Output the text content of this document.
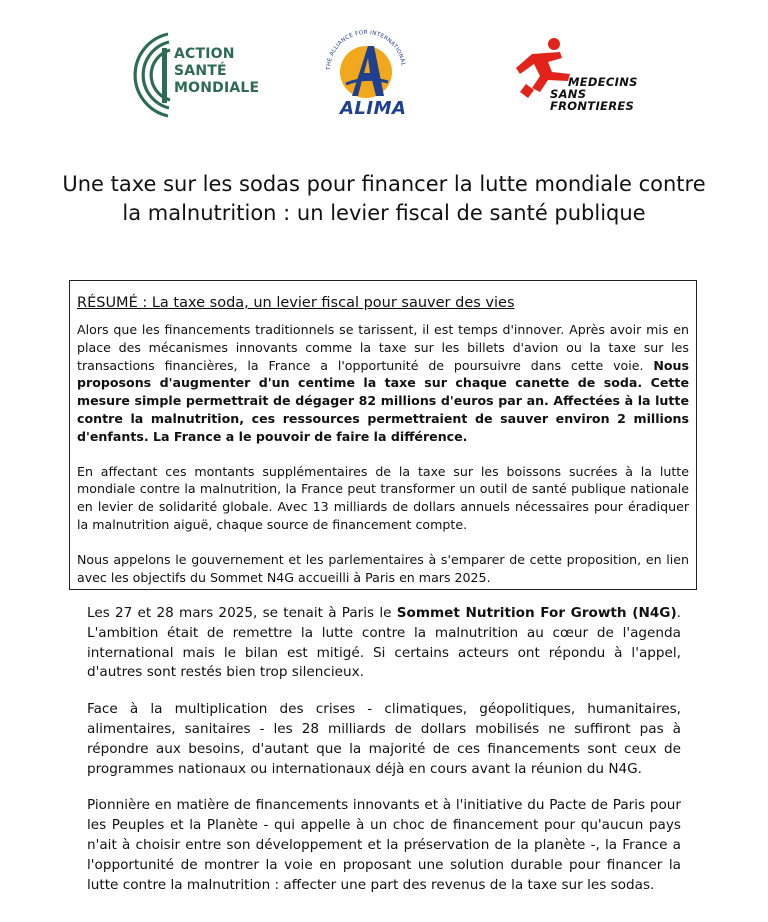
ACTION
SANTÉ
MONDIALE
THE ALLIANCE FOR INTERNATIONAL
ALIMA
MEDECINS
SANS FRONTIERES
Une taxe sur les sodas pour financer la lutte mondiale contre la malnutrition : un levier fiscal de santé publique
RÉSUMÉ : La taxe soda, un levier fiscal pour sauver des vies

Alors que les financements traditionnels se tarissent, il est temps d'innover. Après avoir mis en place des mécanismes innovants comme la taxe sur les billets d'avion ou la taxe sur les transactions financières, la France a l'opportunité de poursuivre dans cette voie. Nous proposons d'augmenter d'un centime la taxe sur chaque canette de soda. Cette mesure simple permettrait de dégager 82 millions d'euros par an. Affectées à la lutte contre la malnutrition, ces ressources permettraient de sauver environ 2 millions d'enfants. La France a le pouvoir de faire la différence.

En affectant ces montants supplémentaires de la taxe sur les boissons sucrées à la lutte mondiale contre la malnutrition, la France peut transformer un outil de santé publique nationale en levier de solidarité globale. Avec 13 milliards de dollars annuels nécessaires pour éradiquer la malnutrition aiguë, chaque source de financement compte.

Nous appelons le gouvernement et les parlementaires à s'emparer de cette proposition, en lien avec les objectifs du Sommet N4G accueilli à Paris en mars 2025.

Les 27 et 28 mars 2025, se tenait à Paris le Sommet Nutrition For Growth (N4G). L'ambition était de remettre la lutte contre la malnutrition au cœur de l'agenda international mais le bilan est mitigé. Si certains acteurs ont répondu à l'appel, d'autres sont restés bien trop silencieux.

Face à la multiplication des crises - climatiques, géopolitiques, humanitaires, alimentaires, sanitaires - les 28 milliards de dollars mobilisés ne suffiront pas à répondre aux besoins, d'autant que la majorité de ces financements sont ceux de programmes nationaux ou internationaux déjà en cours avant la réunion du N4G.

Pionnière en matière de financements innovants et à l'initiative du Pacte de Paris pour les Peuples et la Planète - qui appelle à un choc de financement pour qu'aucun pays n'ait à choisir entre son développement et la préservation de la planète -, la France a l'opportunité de montrer la voie en proposant une solution durable pour financer la lutte contre la malnutrition : affecter une part des revenus de la taxe sur les sodas.
